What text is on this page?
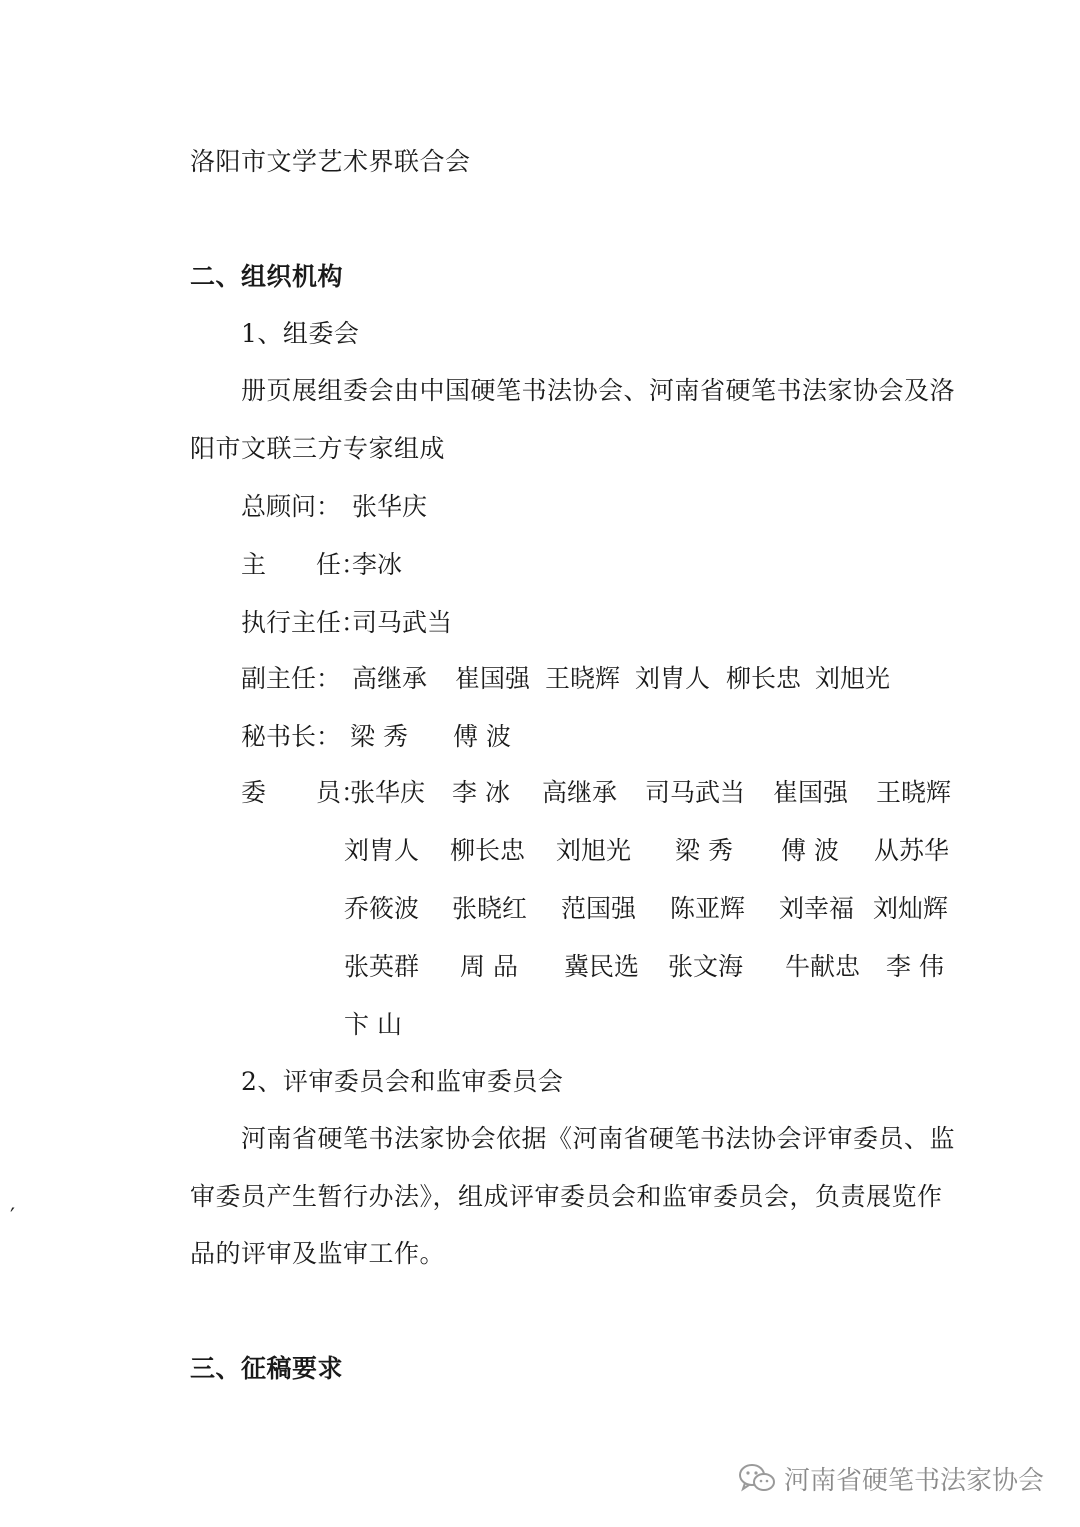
洛阳市文学艺术界联合会
二、组织机构
1、组委会
册页展组委会由中国硬笔书法协会、河南省硬笔书法家协会及洛
阳市文联三方专家组成
总顾问： 张华庆
主　　任：
李冰
执行主任：
司马武当
副主任： 高继承 崔国强 王晓辉 刘胄人 柳长忠 刘旭光
秘书长： 梁 秀 傅 波
委　　员：
张华庆 李 冰 高继承 司马武当 崔国强 王晓辉
刘胄人 柳长忠 刘旭光 梁 秀 傅 波 从苏华
乔筱波 张晓红 范国强 陈亚辉 刘幸福 刘灿辉
张英群 周 品 冀民选 张文海 牛献忠 李 伟
卞 山
2、评审委员会和监审委员会
河南省硬笔书法家协会依据《河南省硬笔书法协会评审委员、监
审委员产生暂行办法》，组成评审委员会和监审委员会，负责展览作
品的评审及监审工作。
三、征稿要求
′
河南省硬笔书法家协会
